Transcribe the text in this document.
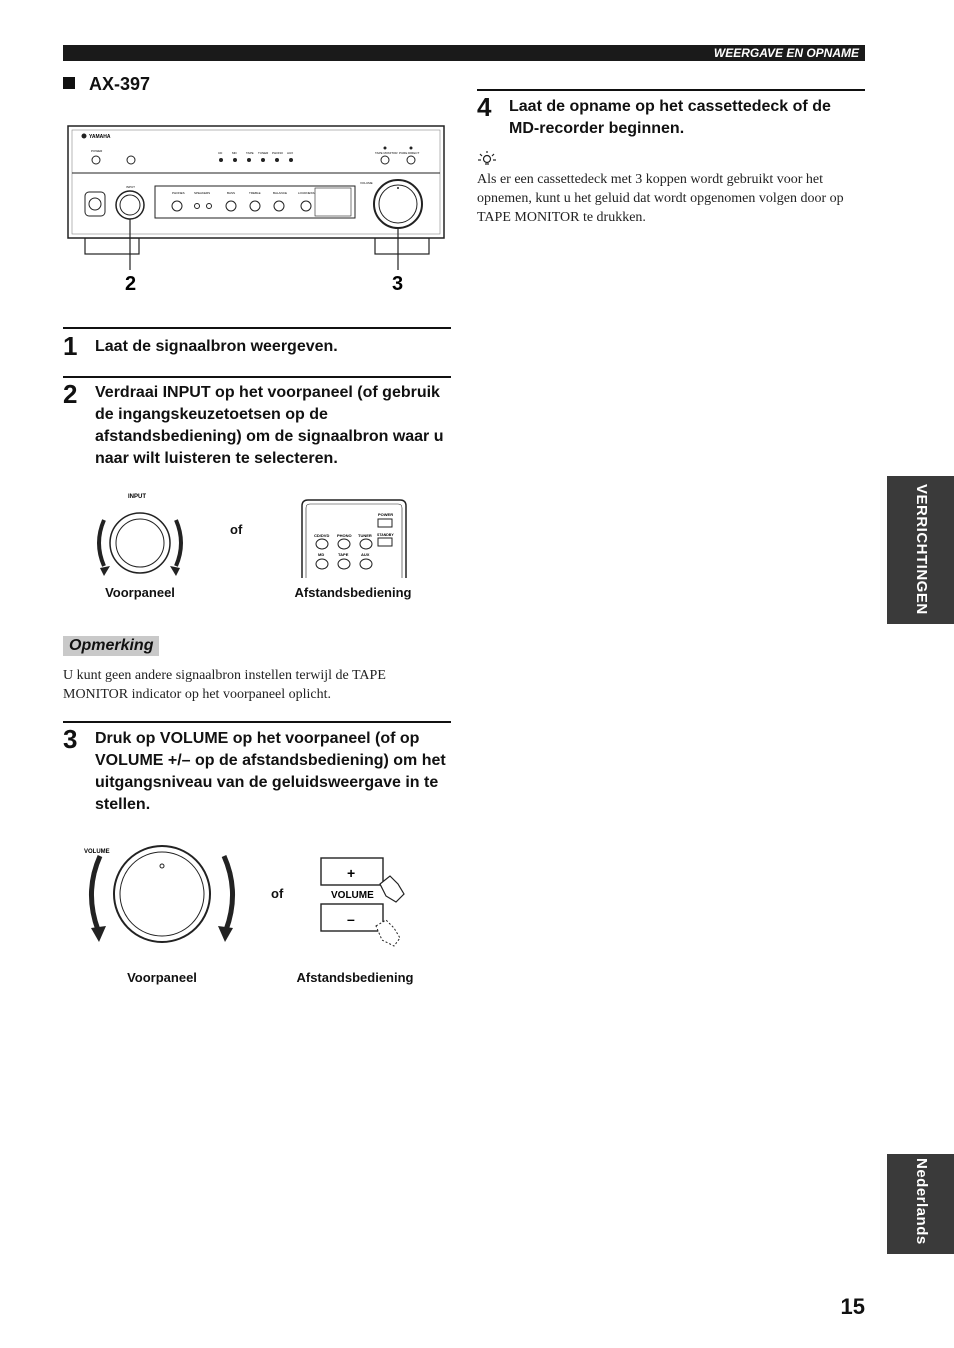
WEERGAVE EN OPNAME
AX-397
YAMAHA
POWER	CD	MD	TAPE TUNER PHONO AUX	TAPE MONITOR PURE DIRECT
INPUT
PHONES	SPEAKERS	BASS	TREBLE	BALANCE	LOUDNESS
VOLUME
2	3
1 Laat de signaalbron weergeven.
2 Verdraai INPUT op het voorpaneel (of gebruik de ingangskeuzetoetsen op de afstandsbediening) om de signaalbron waar u naar wilt luisteren te selecteren.
INPUT
of
POWER
STANDBY
CD/DVD PHONO TUNER
MD	TAPE	AUX
Voorpaneel	Afstandsbediening
Opmerking
U kunt geen andere signaalbron instellen terwijl de TAPE MONITOR indicator op het voorpaneel oplicht.
3 Druk op VOLUME op het voorpaneel (of op VOLUME +/– op de afstandsbediening) om het uitgangsniveau van de geluidsweergave in te stellen.
VOLUME
of
+
VOLUME
–
Voorpaneel	Afstandsbediening
4 Laat de opname op het cassettedeck of de MD-recorder beginnen.
Als er een cassettedeck met 3 koppen wordt gebruikt voor het opnemen, kunt u het geluid dat wordt opgenomen volgen door op TAPE MONITOR te drukken.
VERRICHTINGEN
Nederlands
15
